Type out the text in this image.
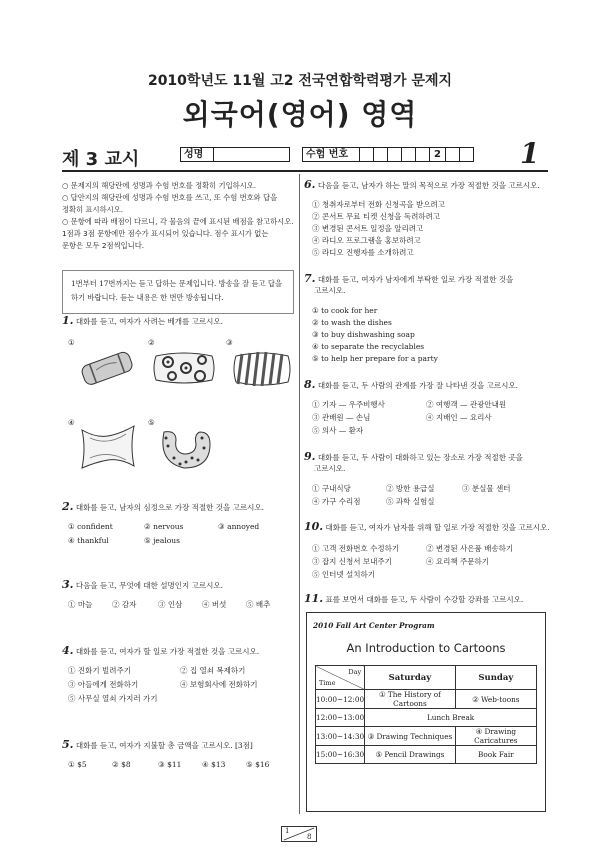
2010학년도 11월 고2 전국연합학력평가 문제지
외국어(영어) 영역
제 3 교시	성명	수험 번호	2	1
○ 문제지의 해당란에 성명과 수험 번호를 정확히 기입하시오.
○ 답안지의 해당란에 성명과 수험 번호를 쓰고, 또 수험 번호와 답을
정확히 표시하시오.
○ 문항에 따라 배점이 다르니, 각 물음의 끝에 표시된 배점을 참고하시오.
1점과 3점 문항에만 점수가 표시되어 있습니다. 점수 표시가 없는
문항은 모두 2점씩입니다.
1번부터 17번까지는 듣고 답하는 문제입니다. 방송을 잘 듣고 답을
하기 바랍니다. 듣는 내용은 한 번만 방송됩니다.
1. 대화를 듣고, 여자가 사려는 베개를 고르시오.
①	②	③
④	⑤
2. 대화를 듣고, 남자의 심정으로 가장 적절한 것을 고르시오.
① confident	② nervous	③ annoyed
④ thankful	⑤ jealous
3. 다음을 듣고, 무엇에 대한 설명인지 고르시오.
① 마늘	② 감자	③ 인삼	④ 버섯	⑤ 배추
4. 대화를 듣고, 여자가 할 일로 가장 적절한 것을 고르시오.
① 진화기 빌려주기	② 집 열쇠 복제하기
③ 아들에게 전화하기	④ 보험회사에 전화하기
⑤ 사무실 열쇠 가지러 가기
5. 대화를 듣고, 여자가 지불할 총 금액을 고르시오. [3점]
① $5	② $8	③ $11	④ $13	⑤ $16
6. 다음을 듣고, 남자가 하는 말의 목적으로 가장 적절한 것을 고르시오.
① 청취자로부터 전화 신청곡을 받으려고
② 콘서트 무료 티켓 신청을 독려하려고
③ 변경된 콘서트 일정을 알리려고
④ 라디오 프로그램을 홍보하려고
⑤ 라디오 진행자를 소개하려고
7. 대화를 듣고, 여자가 남자에게 부탁한 일로 가장 적절한 것을
고르시오.
① to cook for her
② to wash the dishes
③ to buy dishwashing soap
④ to separate the recyclables
⑤ to help her prepare for a party
8. 대화를 듣고, 두 사람의 관계를 가장 잘 나타낸 것을 고르시오.
① 기자 — 우주비행사	② 여행객 — 관광안내원
③ 관배원 — 손님	④ 지배인 — 요리사
⑤ 의사 — 환자
9. 대화를 듣고, 두 사람이 대화하고 있는 장소로 가장 적절한 곳을
고르시오.
① 구내식당	② 방한 용급실	③ 분실물 센터
④ 가구 수리점	⑤ 과학 실험실
10. 대화를 듣고, 여자가 남자를 위해 할 일로 가장 적절한 것을 고르시오.
① 고객 전화번호 수정하기	② 변경된 사은품 배송하기
③ 잡지 신청서 보내주기	④ 요리책 주문하기
⑤ 인터넷 설치하기
11. 표를 보면서 대화를 듣고, 두 사람이 수강할 강좌를 고르시오.
2010 Fall Art Center Program
An Introduction to Cartoons
Day
Time	Saturday	Sunday
10:00~12:00	① The History of Cartoons	② Web-toons
12:00~13:00	Lunch Break	
13:00~14:30	③ Drawing Techniques	④ Drawing Caricatures
15:00~16:30	⑤ Pencil Drawings	Book Fair
1
8
